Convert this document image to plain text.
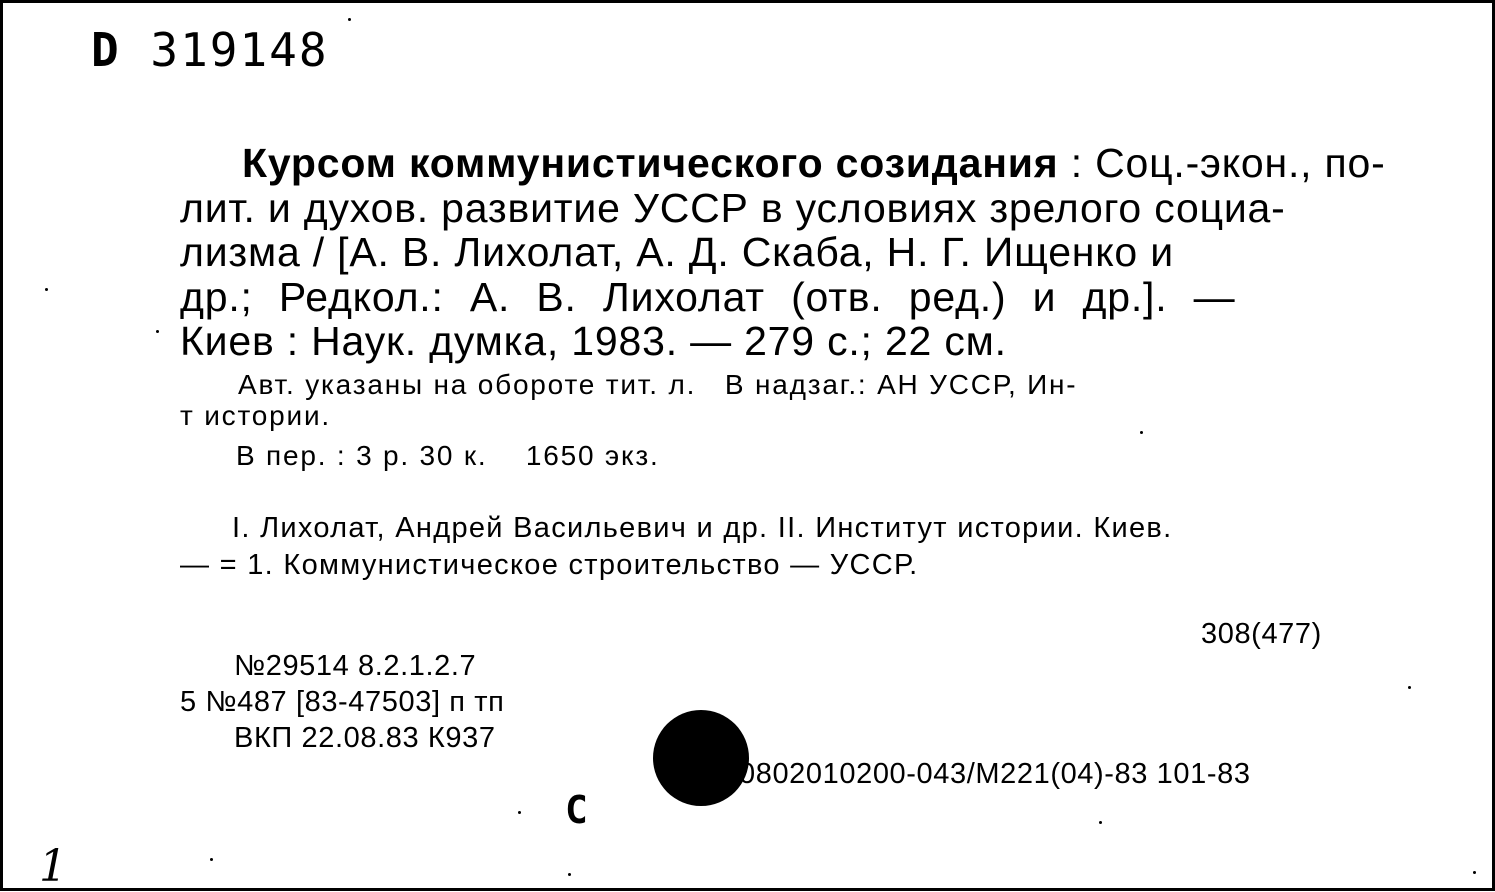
D 319148
Курсом коммунистического созидания : Соц.-экон., по-
лит. и духов. развитие УССР в условиях зрелого социа-
лизма / [А. В. Лихолат, А. Д. Скаба, Н. Г. Ищенко и
др.; Редкол.: А. В. Лихолат (отв. ред.) и др.]. —
Киев : Наук. думка, 1983. — 279 с.; 22 см.
Авт. указаны на обороте тит. л.   В надзаг.: АН УССР, Ин-
т истории.
В пер. : 3 р. 30 к.    1650 экз.
I. Лихолат, Андрей Васильевич и др. II. Институт истории. Киев.
— = 1. Коммунистическое строительство — УССР.
308(477)
№29514 8.2.1.2.7
5 №487 [83-47503] п тп
ВКП 22.08.83 К937
0802010200-043/М221(04)-83 101-83
С
1
